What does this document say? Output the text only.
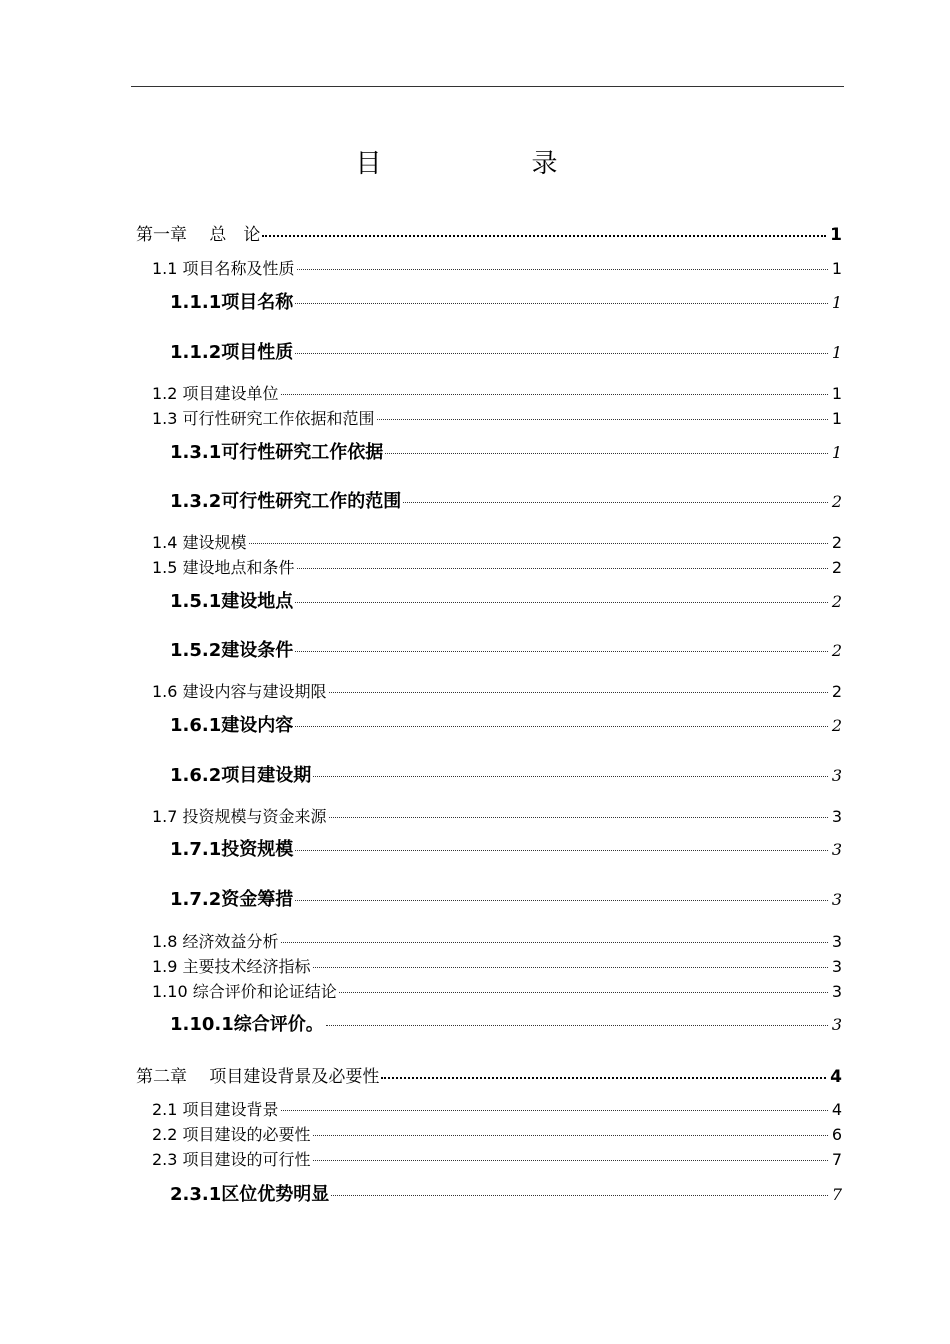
目　录
第一章　 总　论	1
1.1 项目名称及性质	1
1.1.1项目名称	1
1.1.2项目性质	1
1.2 项目建设单位	1
1.3 可行性研究工作依据和范围	1
1.3.1可行性研究工作依据	1
1.3.2可行性研究工作的范围	2
1.4 建设规模	2
1.5 建设地点和条件	2
1.5.1建设地点	2
1.5.2建设条件	2
1.6 建设内容与建设期限	2
1.6.1建设内容	2
1.6.2项目建设期	3
1.7 投资规模与资金来源	3
1.7.1投资规模	3
1.7.2资金筹措	3
1.8 经济效益分析	3
1.9 主要技术经济指标	3
1.10 综合评价和论证结论	3
1.10.1综合评价。	3
第二章　 项目建设背景及必要性	4
2.1 项目建设背景	4
2.2 项目建设的必要性	6
2.3 项目建设的可行性	7
2.3.1区位优势明显	7
